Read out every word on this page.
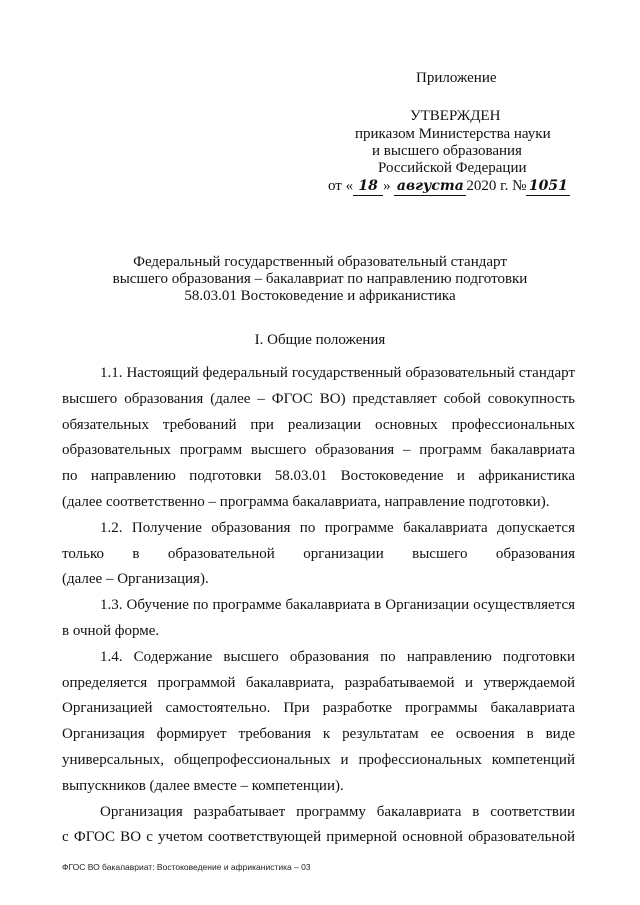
Приложение
УТВЕРЖДЕН
приказом Министерства науки
и высшего образования
Российской Федерации
от « 18 » августа 2020 г. № 1051
Федеральный государственный образовательный стандарт
высшего образования – бакалавриат по направлению подготовки
58.03.01 Востоковедение и африканистика
I. Общие положения
1.1. Настоящий федеральный государственный образовательный стандарт
высшего образования (далее – ФГОС ВО) представляет собой совокупность
обязательных требований при реализации основных профессиональных
образовательных программ высшего образования – программ бакалавриата
по направлению подготовки 58.03.01 Востоковедение и африканистика
(далее соответственно – программа бакалавриата, направление подготовки).
1.2. Получение образования по программе бакалавриата допускается
только в образовательной организации высшего образования
(далее – Организация).
1.3. Обучение по программе бакалавриата в Организации осуществляется
в очной форме.
1.4. Содержание высшего образования по направлению подготовки
определяется программой бакалавриата, разрабатываемой и утверждаемой
Организацией самостоятельно. При разработке программы бакалавриата
Организация формирует требования к результатам ее освоения в виде
универсальных, общепрофессиональных и профессиональных компетенций
выпускников (далее вместе – компетенции).
Организация разрабатывает программу бакалавриата в соответствии
с ФГОС ВО с учетом соответствующей примерной основной образовательной
ФГОС ВО бакалавриат: Востоковедение и африканистика – 03
